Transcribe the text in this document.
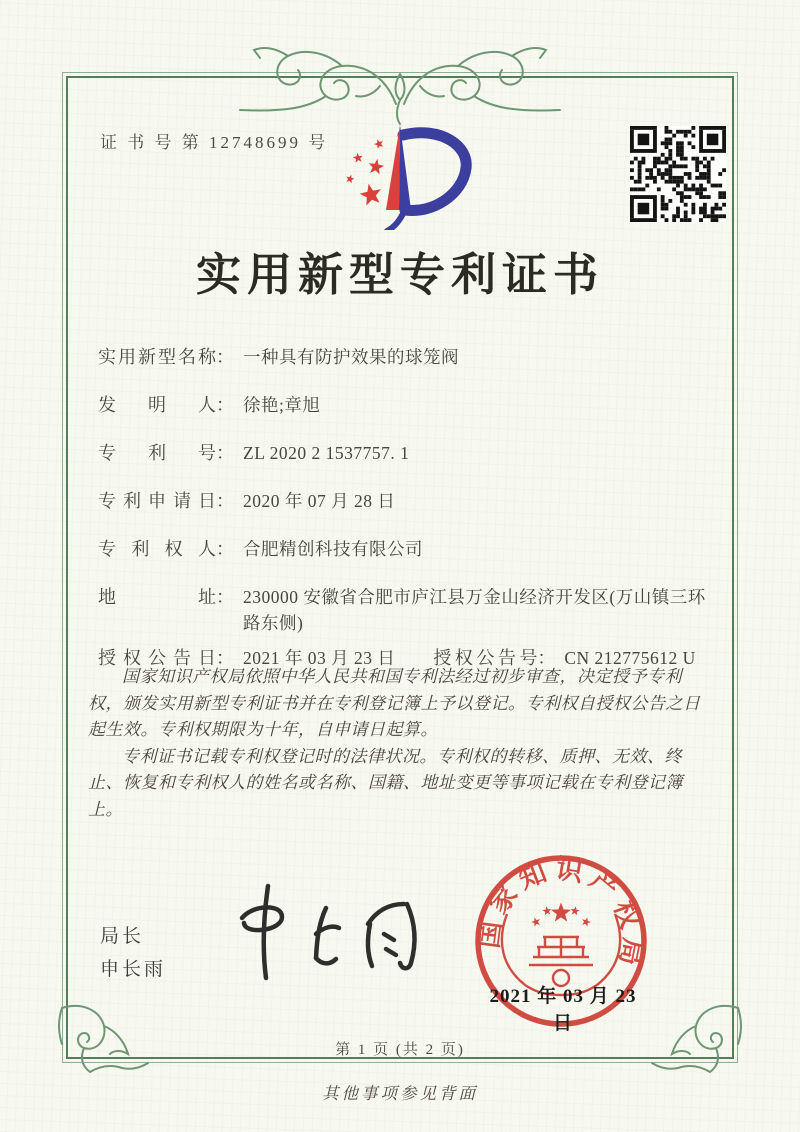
证 书 号 第 12748699 号
实用新型专利证书
实用新型名称 ： 一种具有防护效果的球笼阀
发明人 ： 徐艳;章旭
专利号 ： ZL 2020 2 1537757. 1
专利申请日 ： 2020 年 07 月 28 日
专利权人 ： 合肥精创科技有限公司
地址 ： 230000 安徽省合肥市庐江县万金山经济开发区(万山镇三环路东侧)
授权公告日 ： 2021 年 03 月 23 日 授权公告号 ： CN 212775612 U

国家知识产权局依照中华人民共和国专利法经过初步审查，决定授予专利权，颁发实用新型专利证书并在专利登记簿上予以登记。专利权自授权公告之日起生效。专利权期限为十年，自申请日起算。

专利证书记载专利权登记时的法律状况。专利权的转移、质押、无效、终止、恢复和专利权人的姓名或名称、国籍、地址变更等事项记载在专利登记簿上。

局长
申长雨
国家知识产权局
2021 年 03 月 23 日
第 1 页 (共 2 页)
其他事项参见背面
